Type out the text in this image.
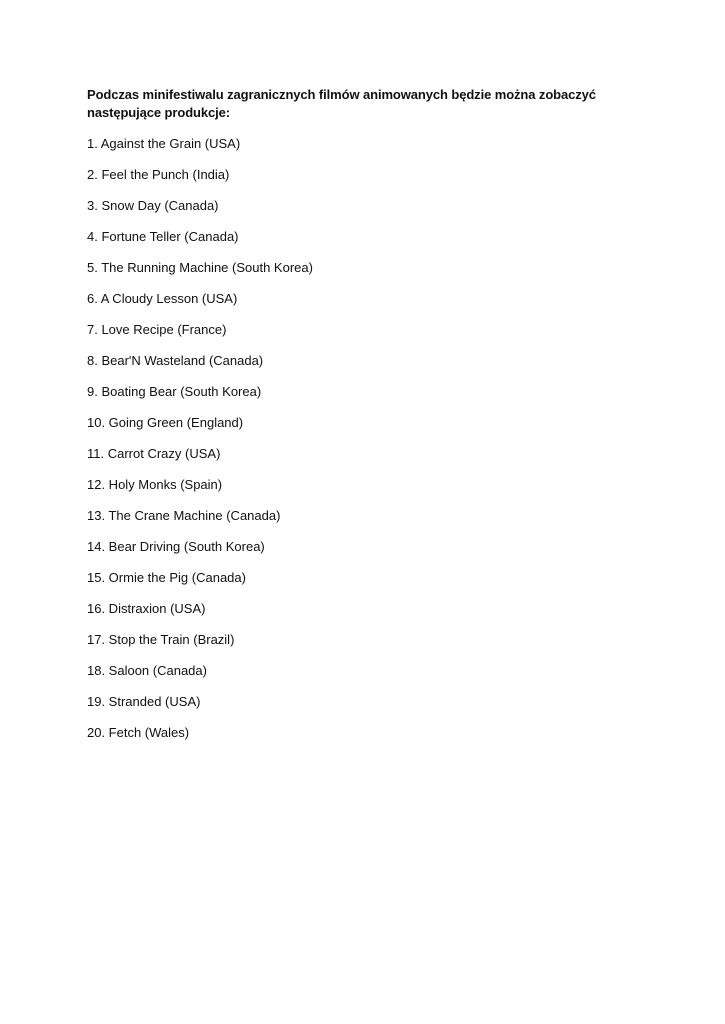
Podczas minifestiwalu zagranicznych filmów animowanych będzie można zobaczyć następujące produkcje:
1. Against the Grain (USA)
2. Feel the Punch (India)
3. Snow Day (Canada)
4. Fortune Teller (Canada)
5. The Running Machine (South Korea)
6. A Cloudy Lesson (USA)
7. Love Recipe (France)
8. Bear'N Wasteland (Canada)
9. Boating Bear (South Korea)
10. Going Green (England)
11. Carrot Crazy (USA)
12. Holy Monks (Spain)
13. The Crane Machine (Canada)
14. Bear Driving (South Korea)
15. Ormie the Pig (Canada)
16. Distraxion (USA)
17. Stop the Train (Brazil)
18. Saloon (Canada)
19. Stranded (USA)
20. Fetch (Wales)
